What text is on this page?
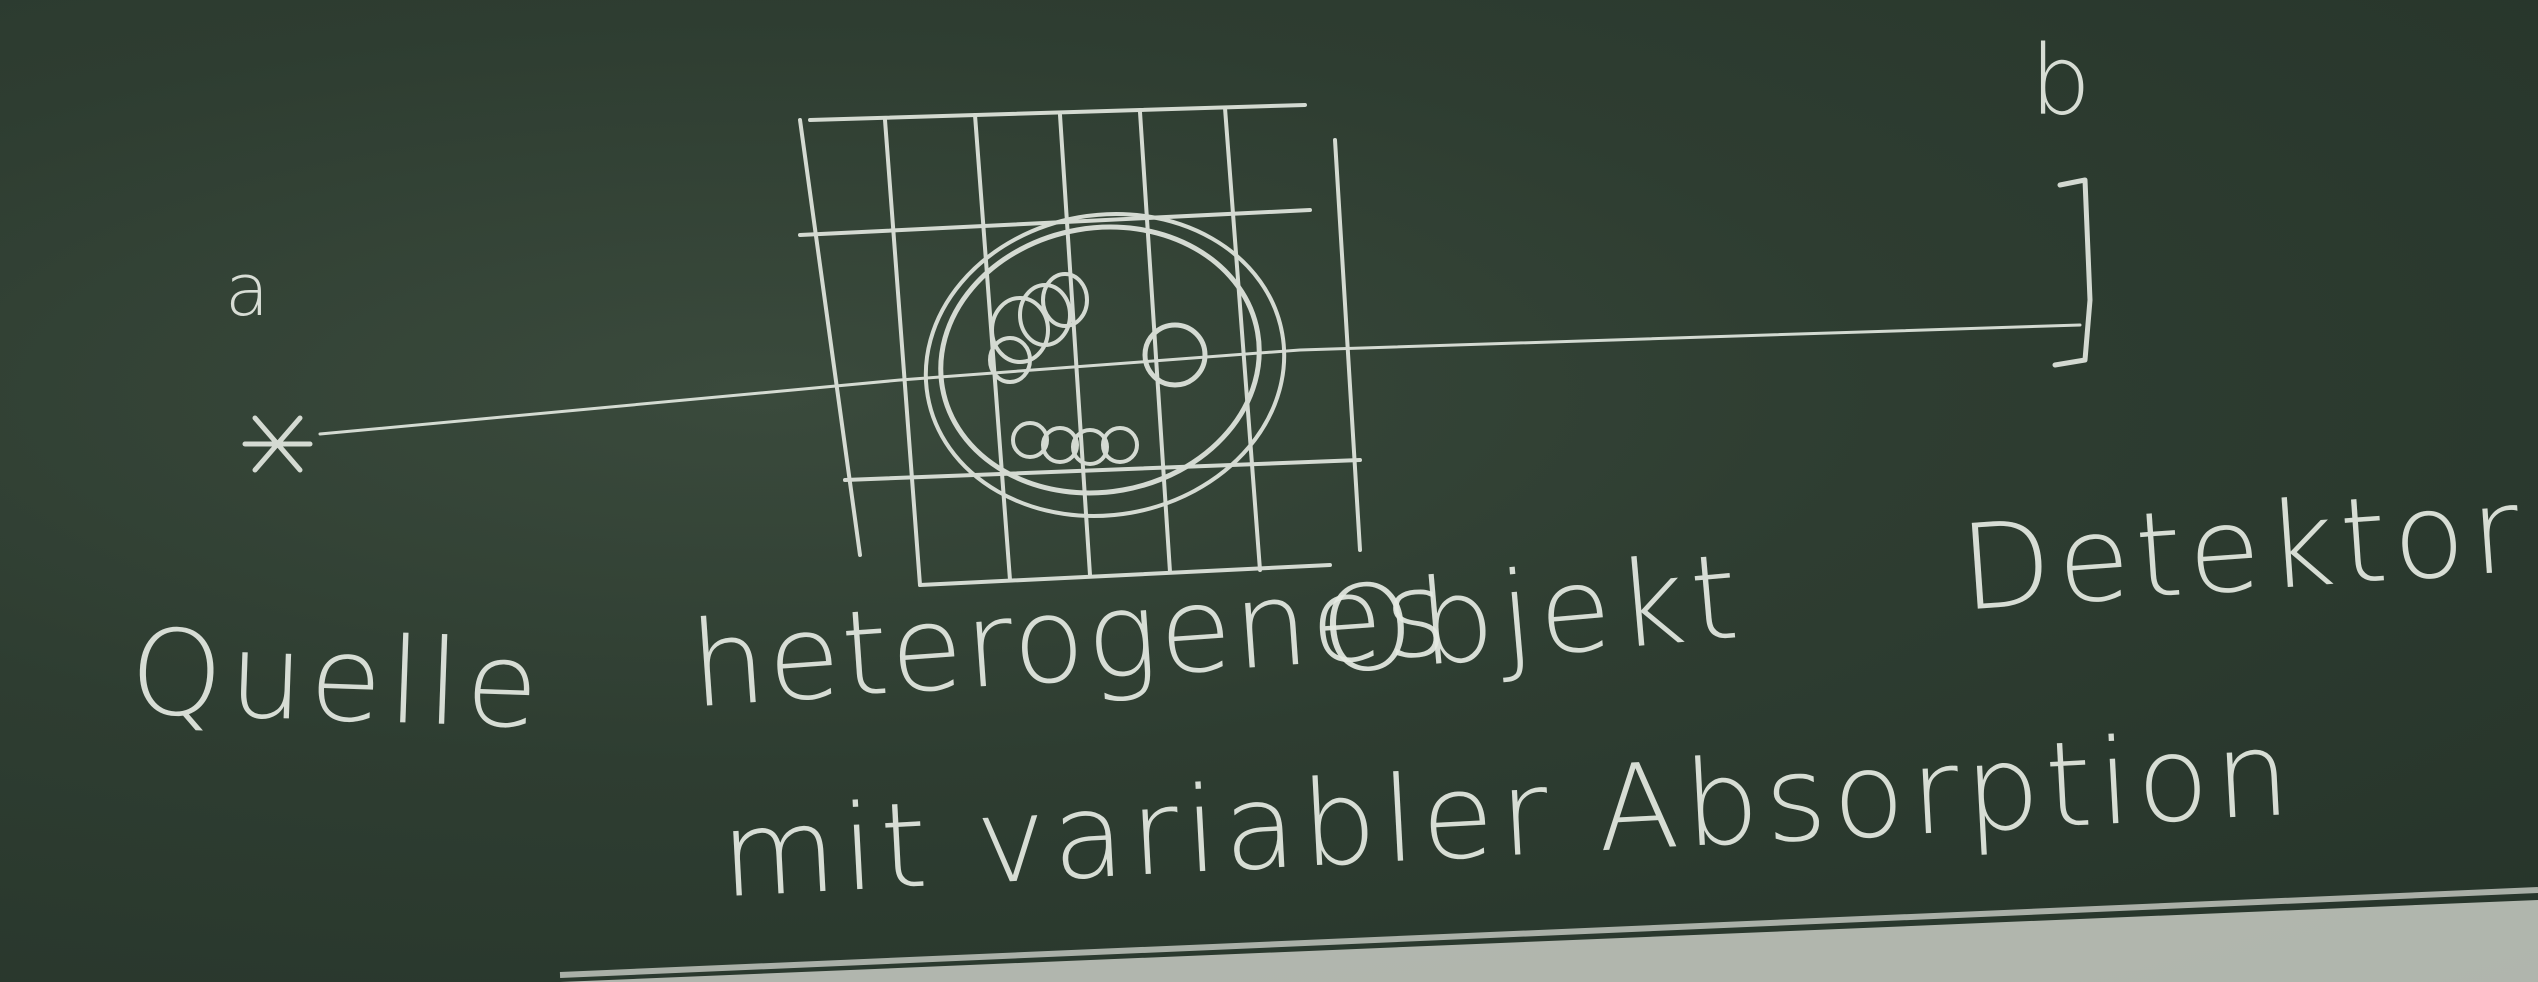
a
b
Quelle heterogenes
Objekt Detektor
mit variabler Absorption
